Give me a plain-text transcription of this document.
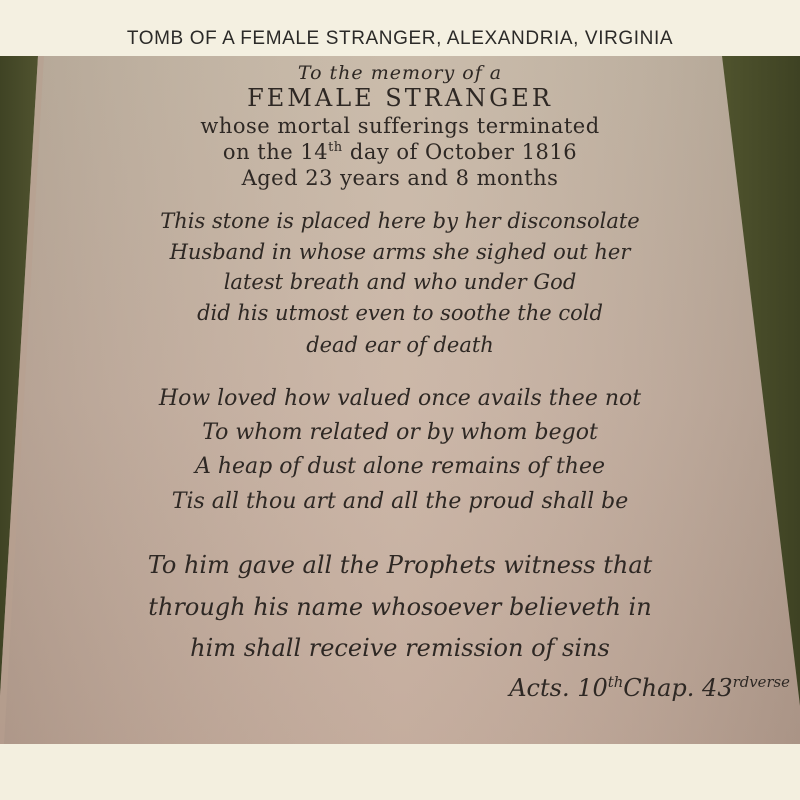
TOMB OF A FEMALE STRANGER, ALEXANDRIA, VIRGINIA
To the memory of a
FEMALE STRANGER
whose mortal sufferings terminated
on the 14th day of October 1816
Aged 23 years and 8 months
This stone is placed here by her disconsolate
Husband in whose arms she sighed out her
latest breath and who under God
did his utmost even to soothe the cold
dead ear of death
How loved how valued once avails thee not
To whom related or by whom begot
A heap of dust alone remains of thee
Tis all thou art and all the proud shall be
To him gave all the Prophets witness that
through his name whosoever believeth in
him shall receive remission of sins
Acts. 10thChap. $43^{rdverse}$
